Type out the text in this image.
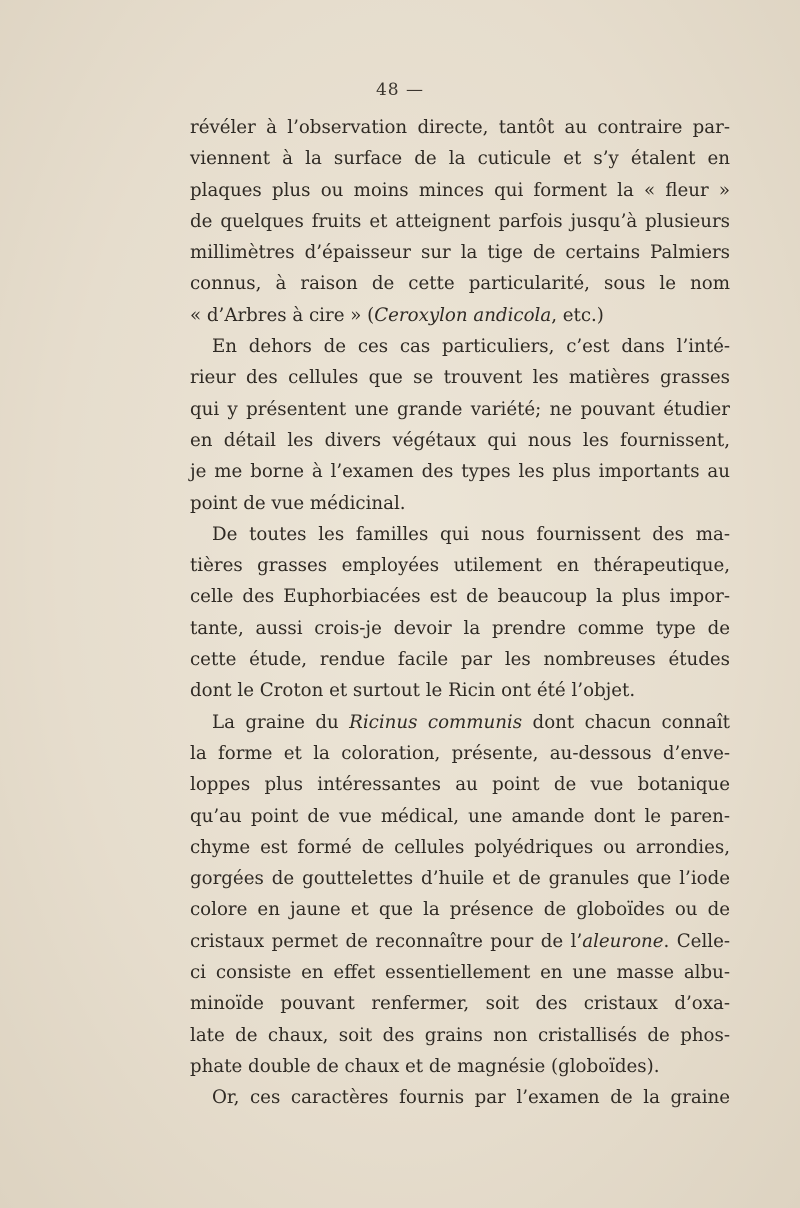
48 —
révéler à l’observation directe, tantôt au contraire par-
viennent à la surface de la cuticule et s’y étalent en
plaques plus ou moins minces qui forment la « fleur »
de quelques fruits et atteignent parfois jusqu’à plusieurs
millimètres d’épaisseur sur la tige de certains Palmiers
connus, à raison de cette particularité, sous le nom
« d’Arbres à cire » (Ceroxylon andicola, etc.)
En dehors de ces cas particuliers, c’est dans l’inté-
rieur des cellules que se trouvent les matières grasses
qui y présentent une grande variété; ne pouvant étudier
en détail les divers végétaux qui nous les fournissent,
je me borne à l’examen des types les plus importants au
point de vue médicinal.
De toutes les familles qui nous fournissent des ma-
tières grasses employées utilement en thérapeutique,
celle des Euphorbiacées est de beaucoup la plus impor-
tante, aussi crois-je devoir la prendre comme type de
cette étude, rendue facile par les nombreuses études
dont le Croton et surtout le Ricin ont été l’objet.
La graine du Ricinus communis dont chacun connaît
la forme et la coloration, présente, au-dessous d’enve-
loppes plus intéressantes au point de vue botanique
qu’au point de vue médical, une amande dont le paren-
chyme est formé de cellules polyédriques ou arrondies,
gorgées de gouttelettes d’huile et de granules que l’iode
colore en jaune et que la présence de globoïdes ou de
cristaux permet de reconnaître pour de l’aleurone. Celle-
ci consiste en effet essentiellement en une masse albu-
minoïde pouvant renfermer, soit des cristaux d’oxa-
late de chaux, soit des grains non cristallisés de phos-
phate double de chaux et de magnésie (globoïdes).
Or, ces caractères fournis par l’examen de la graine
